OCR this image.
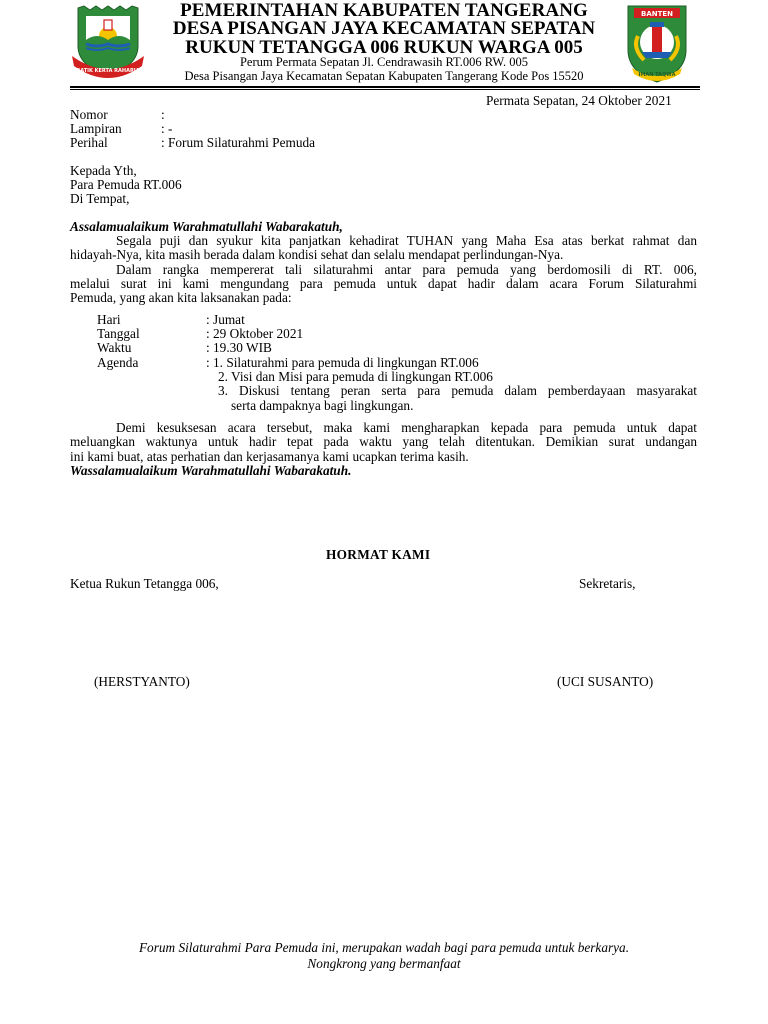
BATIK KERTA RAHARJA
BANTEN
IMAN TAQWA
PEMERINTAHAN KABUPATEN TANGERANG
DESA PISANGAN JAYA KECAMATAN SEPATAN
RUKUN TETANGGA 006 RUKUN WARGA 005
Perum Permata Sepatan Jl. Cendrawasih RT.006 RW. 005
Desa Pisangan Jaya Kecamatan Sepatan Kabupaten Tangerang Kode Pos 15520
Permata Sepatan, 24 Oktober 2021
Nomor	:
Lampiran	: -
Perihal	: Forum Silaturahmi Pemuda
Kepada Yth,
Para Pemuda RT.006
Di Tempat,
Assalamualaikum Warahmatullahi Wabarakatuh,
Segala puji dan syukur kita panjatkan kehadirat TUHAN yang Maha Esa atas berkat rahmat dan
hidayah-Nya, kita masih berada dalam kondisi sehat dan selalu mendapat perlindungan-Nya.
Dalam rangka mempererat tali silaturahmi antar para pemuda yang berdomosili di RT. 006,
melalui surat ini kami mengundang para pemuda untuk dapat hadir dalam acara Forum Silaturahmi
Pemuda, yang akan kita laksanakan pada:
Hari	: Jumat
Tanggal	: 29 Oktober 2021
Waktu	: 19.30 WIB
Agenda	: 1. Silaturahmi para pemuda di lingkungan RT.006
2. Visi dan Misi para pemuda di lingkungan RT.006
3. Diskusi tentang peran serta para pemuda dalam pemberdayaan masyarakat
serta dampaknya bagi lingkungan.
Demi kesuksesan acara tersebut, maka kami mengharapkan kepada para pemuda untuk dapat
meluangkan waktunya untuk hadir tepat pada waktu yang telah ditentukan. Demikian surat undangan
ini kami buat, atas perhatian dan kerjasamanya kami ucapkan terima kasih.
Wassalamualaikum Warahmatullahi Wabarakatuh.
HORMAT KAMI
Ketua Rukun Tetangga 006,	Sekretaris,
(HERSTYANTO)	(UCI SUSANTO)
Forum Silaturahmi Para Pemuda ini, merupakan wadah bagi para pemuda untuk berkarya.
Nongkrong yang bermanfaat
